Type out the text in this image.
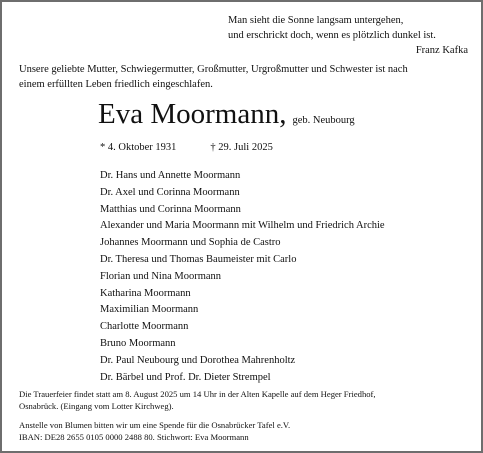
Man sieht die Sonne langsam untergehen,
und erschrickt doch, wenn es plötzlich dunkel ist.
Franz Kafka
Unsere geliebte Mutter, Schwiegermutter, Großmutter, Urgroßmutter und Schwester ist nach
einem erfüllten Leben friedlich eingeschlafen.
Eva Moormann, geb. Neubourg
* 4. Oktober 1931	† 29. Juli 2025
Dr. Hans und Annette Moormann
Dr. Axel und Corinna Moormann
Matthias und Corinna Moormann
Alexander und Maria Moormann mit Wilhelm und Friedrich Archie
Johannes Moormann und Sophia de Castro
Dr. Theresa und Thomas Baumeister mit Carlo
Florian und Nina Moormann
Katharina Moormann
Maximilian Moormann
Charlotte Moormann
Bruno Moormann
Dr. Paul Neubourg und Dorothea Mahrenholtz
Dr. Bärbel und Prof. Dr. Dieter Strempel
Die Trauerfeier findet statt am 8. August 2025 um 14 Uhr in der Alten Kapelle auf dem Heger Friedhof,
Osnabrück. (Eingang vom Lotter Kirchweg).
Anstelle von Blumen bitten wir um eine Spende für die Osnabrücker Tafel e.V.
IBAN: DE28 2655 0105 0000 2488 80. Stichwort: Eva Moormann
